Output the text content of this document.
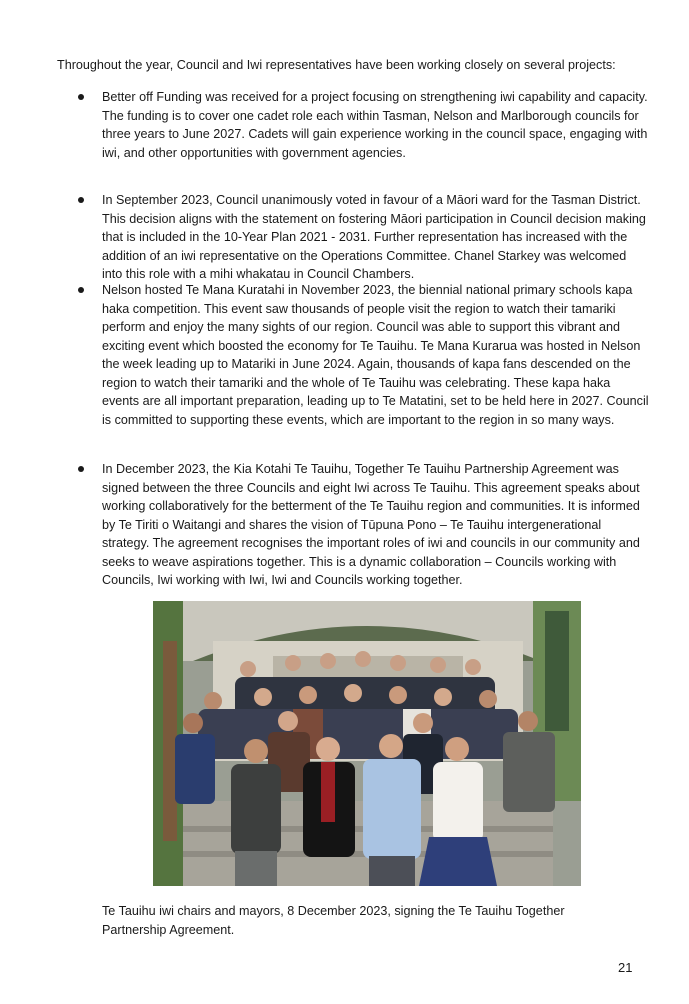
Throughout the year, Council and Iwi representatives have been working closely on several projects:

Better off Funding was received for a project focusing on strengthening iwi capability and capacity. The funding is to cover one cadet role each within Tasman, Nelson and Marlborough councils for three years to June 2027. Cadets will gain experience working in the council space, engaging with iwi, and other opportunities with government agencies.

In September 2023, Council unanimously voted in favour of a Māori ward for the Tasman District. This decision aligns with the statement on fostering Māori participation in Council decision making that is included in the 10-Year Plan 2021 - 2031. Further representation has increased with the addition of an iwi representative on the Operations Committee. Chanel Starkey was welcomed into this role with a mihi whakatau in Council Chambers.

Nelson hosted Te Mana Kuratahi in November 2023, the biennial national primary schools kapa haka competition. This event saw thousands of people visit the region to watch their tamariki perform and enjoy the many sights of our region. Council was able to support this vibrant and exciting event which boosted the economy for Te Tauihu. Te Mana Kurarua was hosted in Nelson the week leading up to Matariki in June 2024. Again, thousands of kapa fans descended on the region to watch their tamariki and the whole of Te Tauihu was celebrating. These kapa haka events are all important preparation, leading up to Te Matatini, set to be held here in 2027. Council is committed to supporting these events, which are important to the region in so many ways.

In December 2023, the Kia Kotahi Te Tauihu, Together Te Tauihu Partnership Agreement was signed between the three Councils and eight Iwi across Te Tauihu. This agreement speaks about working collaboratively for the betterment of the Te Tauihu region and communities. It is informed by Te Tiriti o Waitangi and shares the vision of Tūpuna Pono – Te Tauihu intergenerational strategy. The agreement recognises the important roles of iwi and councils in our community and seeks to weave aspirations together. This is a dynamic collaboration – Councils working with Councils, Iwi working with Iwi, Iwi and Councils working together.

Te Tauihu iwi chairs and mayors, 8 December 2023, signing the Te Tauihu Together Partnership Agreement.

21
